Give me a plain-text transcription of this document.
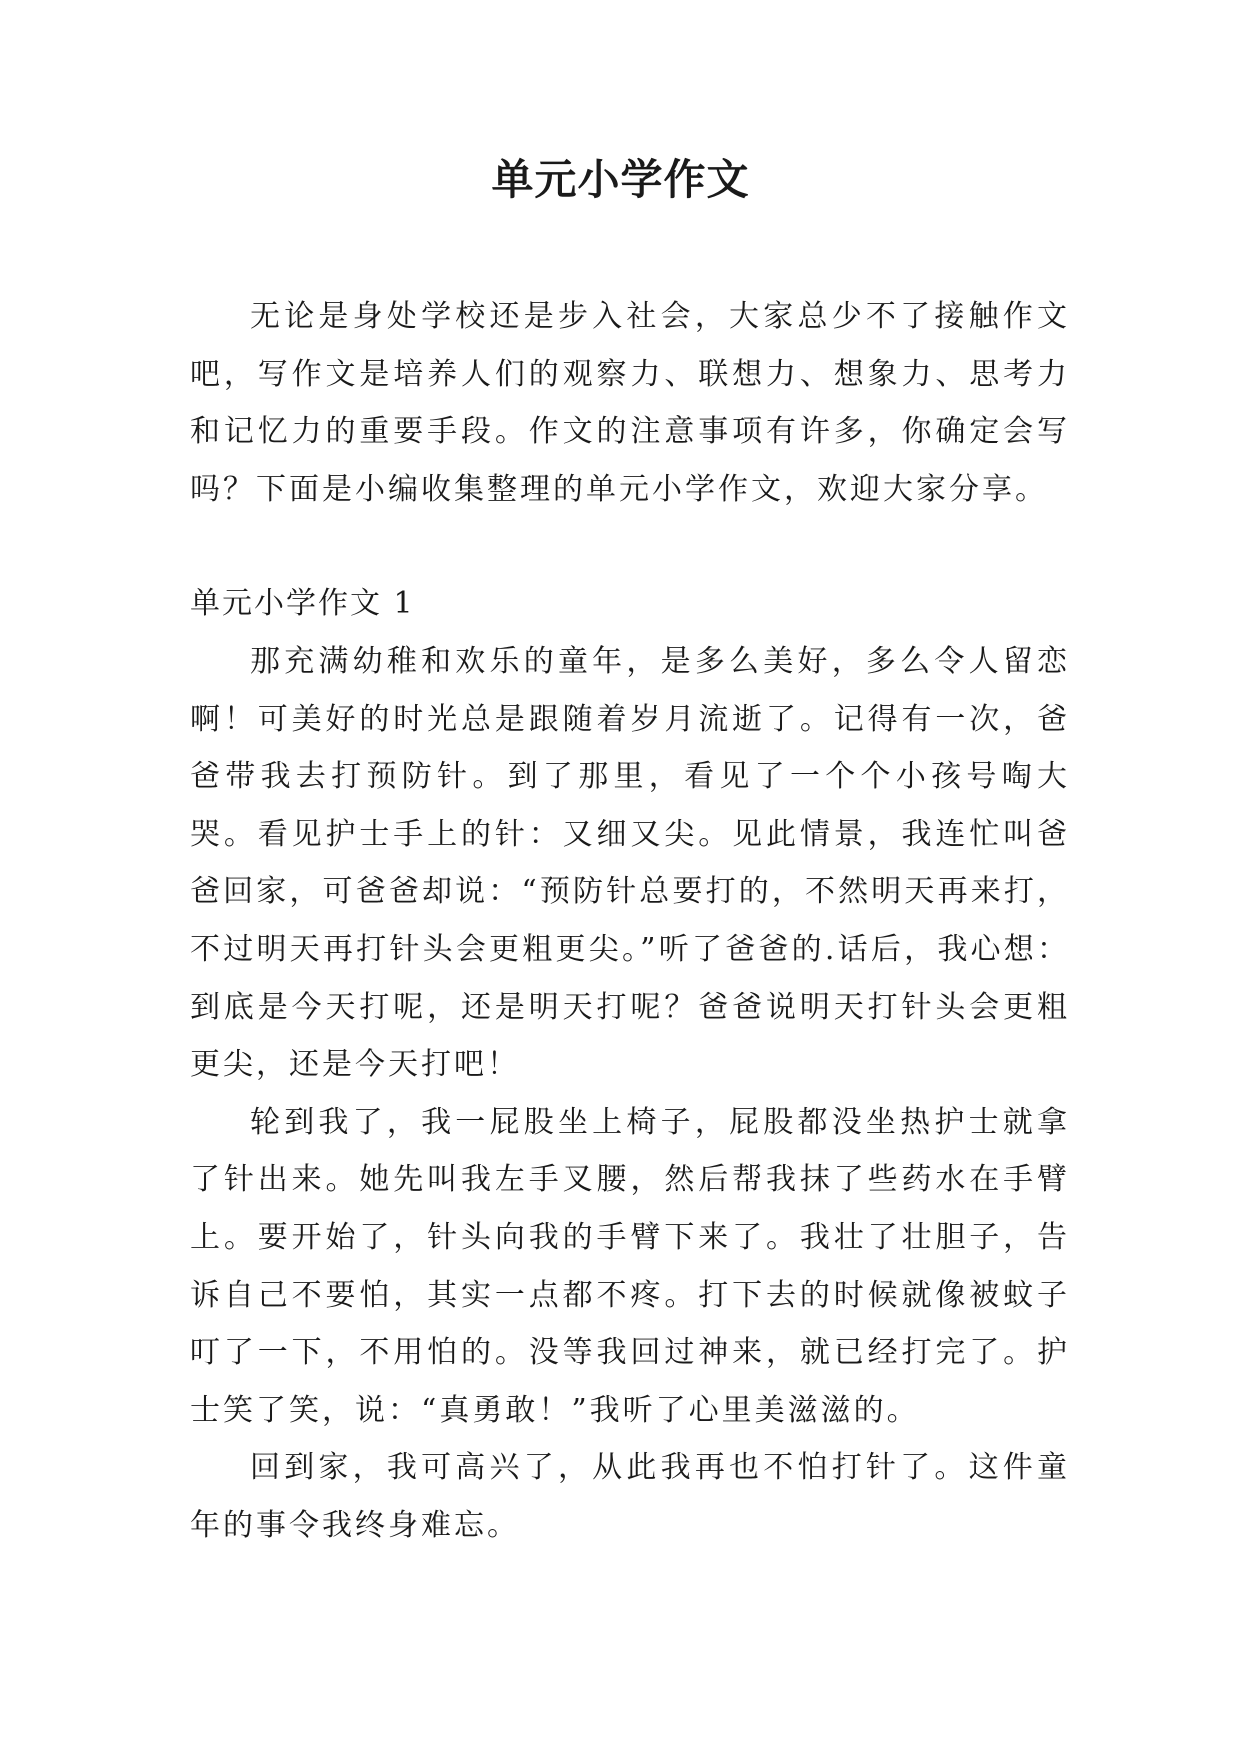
单元小学作文

无论是身处学校还是步入社会，大家总少不了接触作文吧，写作文是培养人们的观察力、联想力、想象力、思考力和记忆力的重要手段。作文的注意事项有许多，你确定会写吗？下面是小编收集整理的单元小学作文，欢迎大家分享。

单元小学作文 1

那充满幼稚和欢乐的童年，是多么美好，多么令人留恋啊！可美好的时光总是跟随着岁月流逝了。记得有一次，爸爸带我去打预防针。到了那里，看见了一个个小孩号啕大哭。看见护士手上的针：又细又尖。见此情景，我连忙叫爸爸回家，可爸爸却说：“预防针总要打的，不然明天再来打，不过明天再打针头会更粗更尖。”听了爸爸的.话后，我心想：到底是今天打呢，还是明天打呢？爸爸说明天打针头会更粗更尖，还是今天打吧！

轮到我了，我一屁股坐上椅子，屁股都没坐热护士就拿了针出来。她先叫我左手叉腰，然后帮我抹了些药水在手臂上。要开始了，针头向我的手臂下来了。我壮了壮胆子，告诉自己不要怕，其实一点都不疼。打下去的时候就像被蚊子叮了一下，不用怕的。没等我回过神来，就已经打完了。护士笑了笑，说：“真勇敢！”我听了心里美滋滋的。

回到家，我可高兴了，从此我再也不怕打针了。这件童年的事令我终身难忘。
